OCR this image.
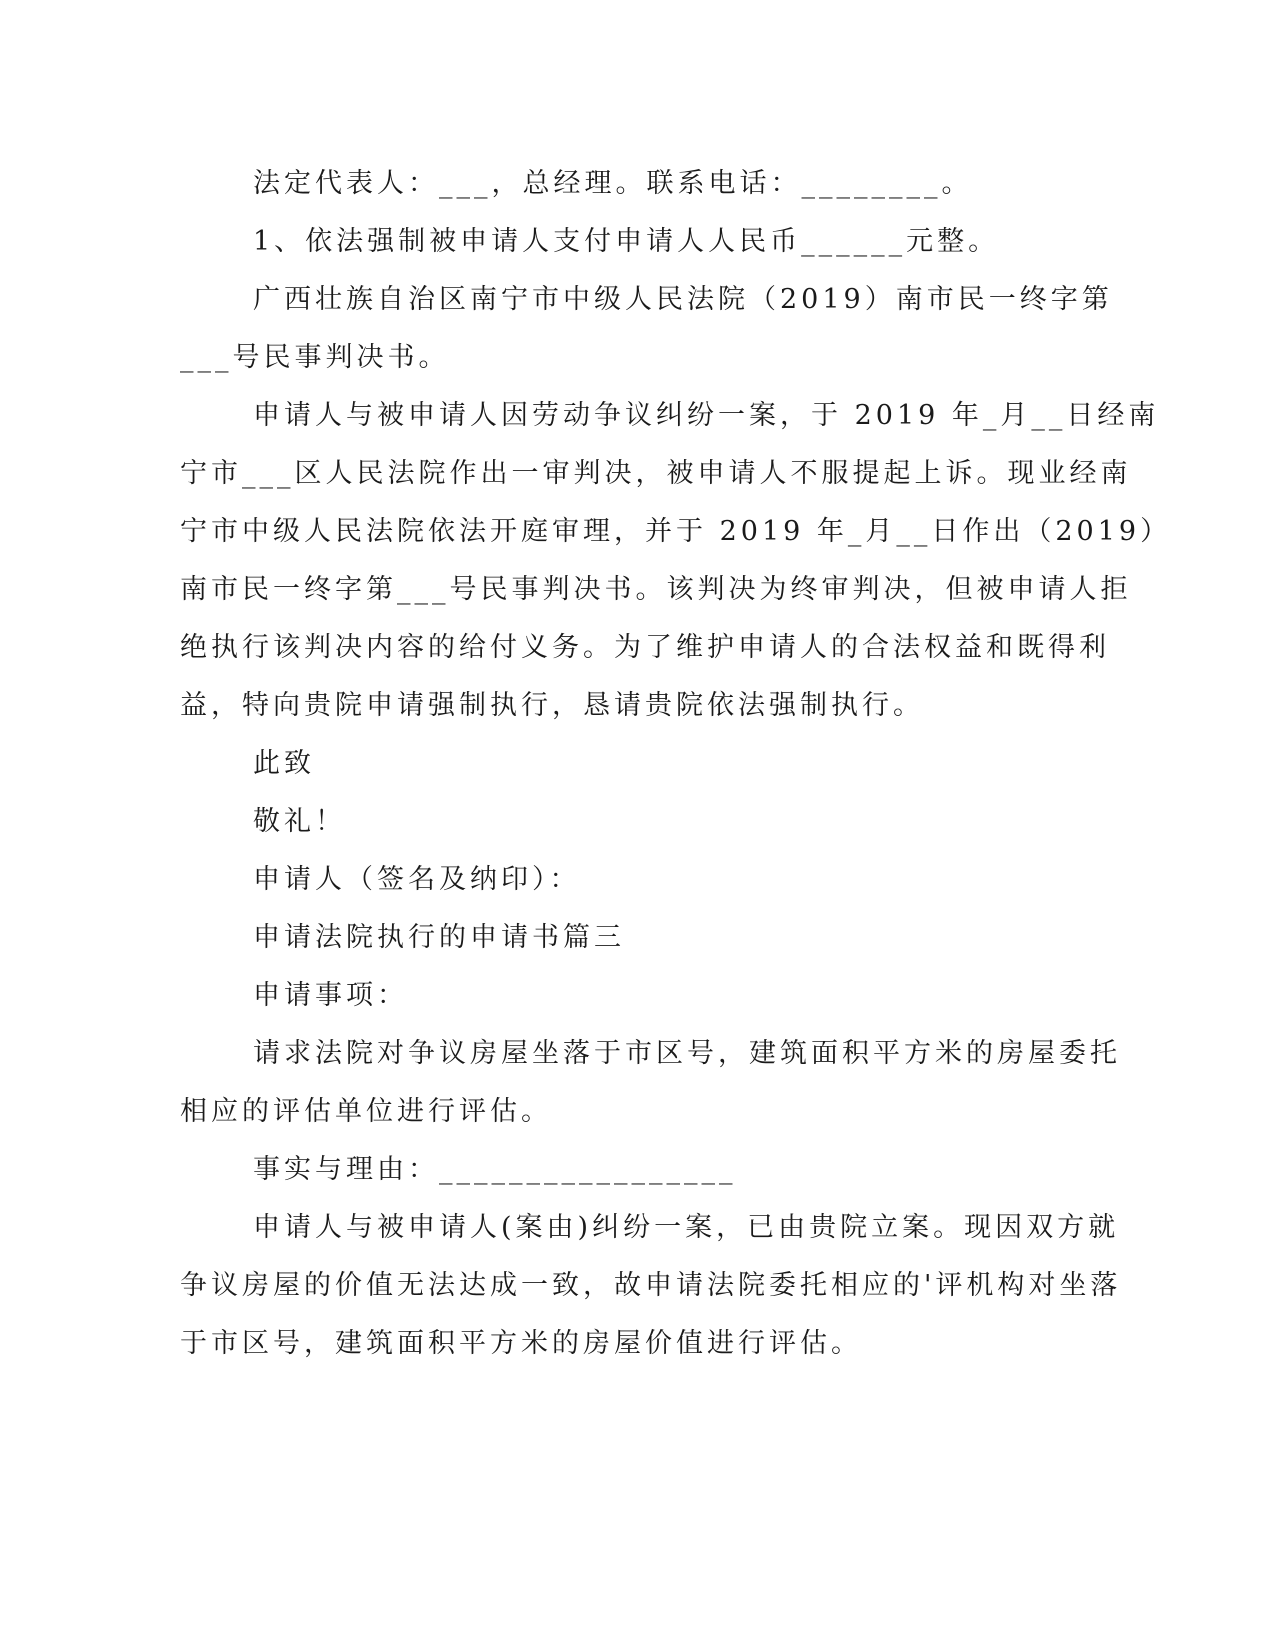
法定代表人：___，总经理。联系电话：________。
1、依法强制被申请人支付申请人人民币______元整。
广西壮族自治区南宁市中级人民法院（2019）南市民一终字第
___号民事判决书。
申请人与被申请人因劳动争议纠纷一案，于 2019 年_月__日经南
宁市___区人民法院作出一审判决，被申请人不服提起上诉。现业经南
宁市中级人民法院依法开庭审理，并于 2019 年_月__日作出（2019）
南市民一终字第___号民事判决书。该判决为终审判决，但被申请人拒
绝执行该判决内容的给付义务。为了维护申请人的合法权益和既得利
益，特向贵院申请强制执行，恳请贵院依法强制执行。
此致
敬礼！
申请人（签名及纳印）：
申请法院执行的申请书篇三
申请事项：
请求法院对争议房屋坐落于市区号，建筑面积平方米的房屋委托
相应的评估单位进行评估。
事实与理由：_________________
申请人与被申请人(案由)纠纷一案，已由贵院立案。现因双方就
争议房屋的价值无法达成一致，故申请法院委托相应的'评机构对坐落
于市区号，建筑面积平方米的房屋价值进行评估。
